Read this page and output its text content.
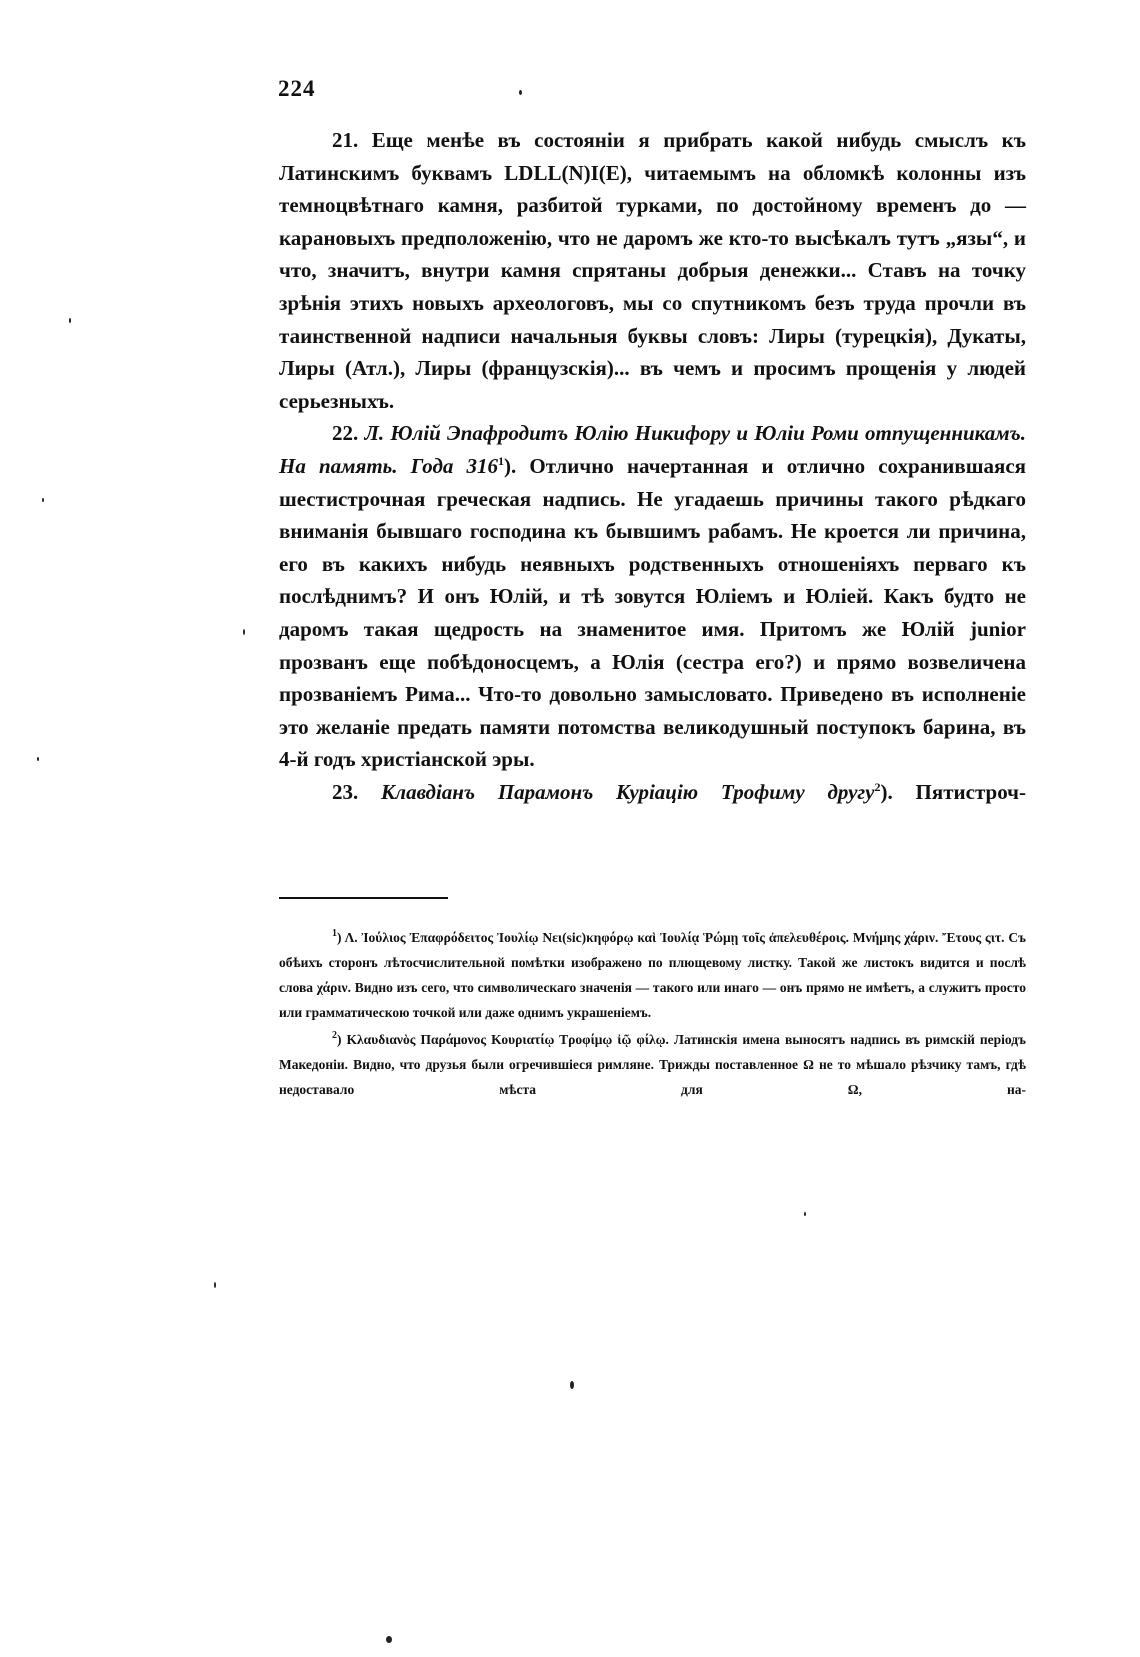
224

21. Еще менѣе въ состояніи я прибрать какой нибудь смыслъ къ Латинскимъ буквамъ LDLL(N)I(E), читаемымъ на обломкѣ колонны изъ темноцвѣтнаго камня, разбитой турками, по достойному временъ до — карановыхъ предположенію, что не даромъ же кто-то высѣкалъ тутъ „язы“, и что, значитъ, внутри камня спрятаны добрыя денежки... Ставъ на точку зрѣнія этихъ новыхъ археологовъ, мы со спутникомъ безъ труда прочли въ таинственной надписи начальныя буквы словъ: Лиры (турецкія), Дукаты, Лиры (Атл.), Лиры (французскія)... въ чемъ и просимъ прощенія у людей серьезныхъ.

22. Л. Юлій Эпафродитъ Юлію Никифору и Юліи Роми отпущенникамъ. На память. Года $316^1$). Отлично начертанная и отлично сохранившаяся шестистрочная греческая надпись. Не угадаешь причины такого рѣдкаго вниманія бывшаго господина къ бывшимъ рабамъ. Не кроется ли причина, его въ какихъ нибудь неявныхъ родственныхъ отношеніяхъ перваго къ послѣднимъ? И онъ Юлій, и тѣ зовутся Юліемъ и Юліей. Какъ будто не даромъ такая щедрость на знаменитое имя. Притомъ же Юлій junior прозванъ еще побѣдоносцемъ, а Юлія (сестра его?) и прямо возвеличена прозваніемъ Рима... Что-то довольно замысловато. Приведено въ исполненіе это желаніе предать памяти потомства великодушный поступокъ барина, въ 4-й годъ христіанской эры.

23. Клавдіанъ Парамонъ Куріацію Трофиму другу$^2$). Пятистроч-

$^1$) Λ. Ἰούλιος Ἐπαφρόδειτος Ἰουλίῳ Νει(sic)κηφόρῳ καὶ Ἰουλίᾳ Ῥώμῃ τοῖς ἀπελευθέροις. Μνήμης χάριν. Ἔτους ςιτ. Съ обѣихъ сторонъ лѣтосчислительной помѣтки изображено по плющевому листку. Такой же листокъ видится и послѣ слова χάριν. Видно изъ сего, что символическаго значенія — такого или инаго — онъ прямо не имѣетъ, а служитъ просто или грамматическою точкой или даже однимъ украшеніемъ.

$^2$) Κλαυδιανὸς Παράμονος Κουριατίῳ Τροφίμῳ ἰῷ φίλῳ. Латинскія имена выносятъ надпись въ римскій періодъ Македоніи. Видно, что друзья были огречившіеся римляне. Трижды поставленное Ω не то мѣшало рѣзчику тамъ, гдѣ недоставало мѣста для Ω, на-
